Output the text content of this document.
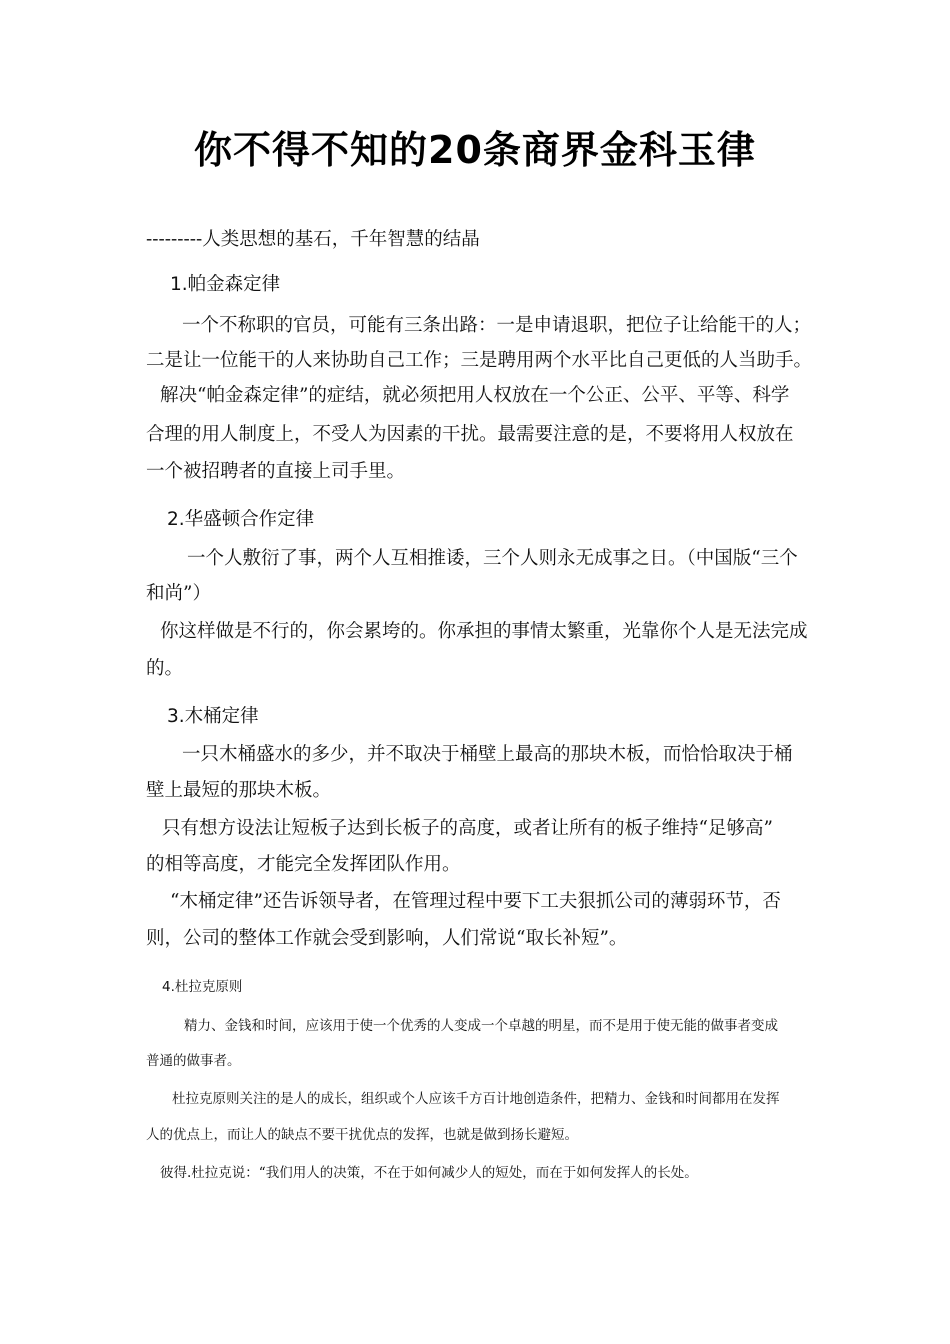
你不得不知的20条商界金科玉律
---------人类思想的基石，千年智慧的结晶
1.帕金森定律
一个不称职的官员，可能有三条出路：一是申请退职，把位子让给能干的人；
二是让一位能干的人来协助自己工作；三是聘用两个水平比自己更低的人当助手。
解决“帕金森定律”的症结，就必须把用人权放在一个公正、公平、平等、科学
合理的用人制度上，不受人为因素的干扰。最需要注意的是，不要将用人权放在
一个被招聘者的直接上司手里。
2.华盛顿合作定律
一个人敷衍了事，两个人互相推诿，三个人则永无成事之日。（中国版“三个
和尚”）
你这样做是不行的，你会累垮的。你承担的事情太繁重，光靠你个人是无法完成
的。
3.木桶定律
一只木桶盛水的多少，并不取决于桶壁上最高的那块木板，而恰恰取决于桶
壁上最短的那块木板。
只有想方设法让短板子达到长板子的高度，或者让所有的板子维持“足够高”
的相等高度，才能完全发挥团队作用。
“木桶定律”还告诉领导者，在管理过程中要下工夫狠抓公司的薄弱环节，否
则，公司的整体工作就会受到影响，人们常说“取长补短”。
4.杜拉克原则
精力、金钱和时间，应该用于使一个优秀的人变成一个卓越的明星，而不是用于使无能的做事者变成
普通的做事者。
杜拉克原则关注的是人的成长，组织或个人应该千方百计地创造条件，把精力、金钱和时间都用在发挥
人的优点上，而让人的缺点不要干扰优点的发挥，也就是做到扬长避短。
彼得.杜拉克说：“我们用人的决策，不在于如何减少人的短处，而在于如何发挥人的长处。
